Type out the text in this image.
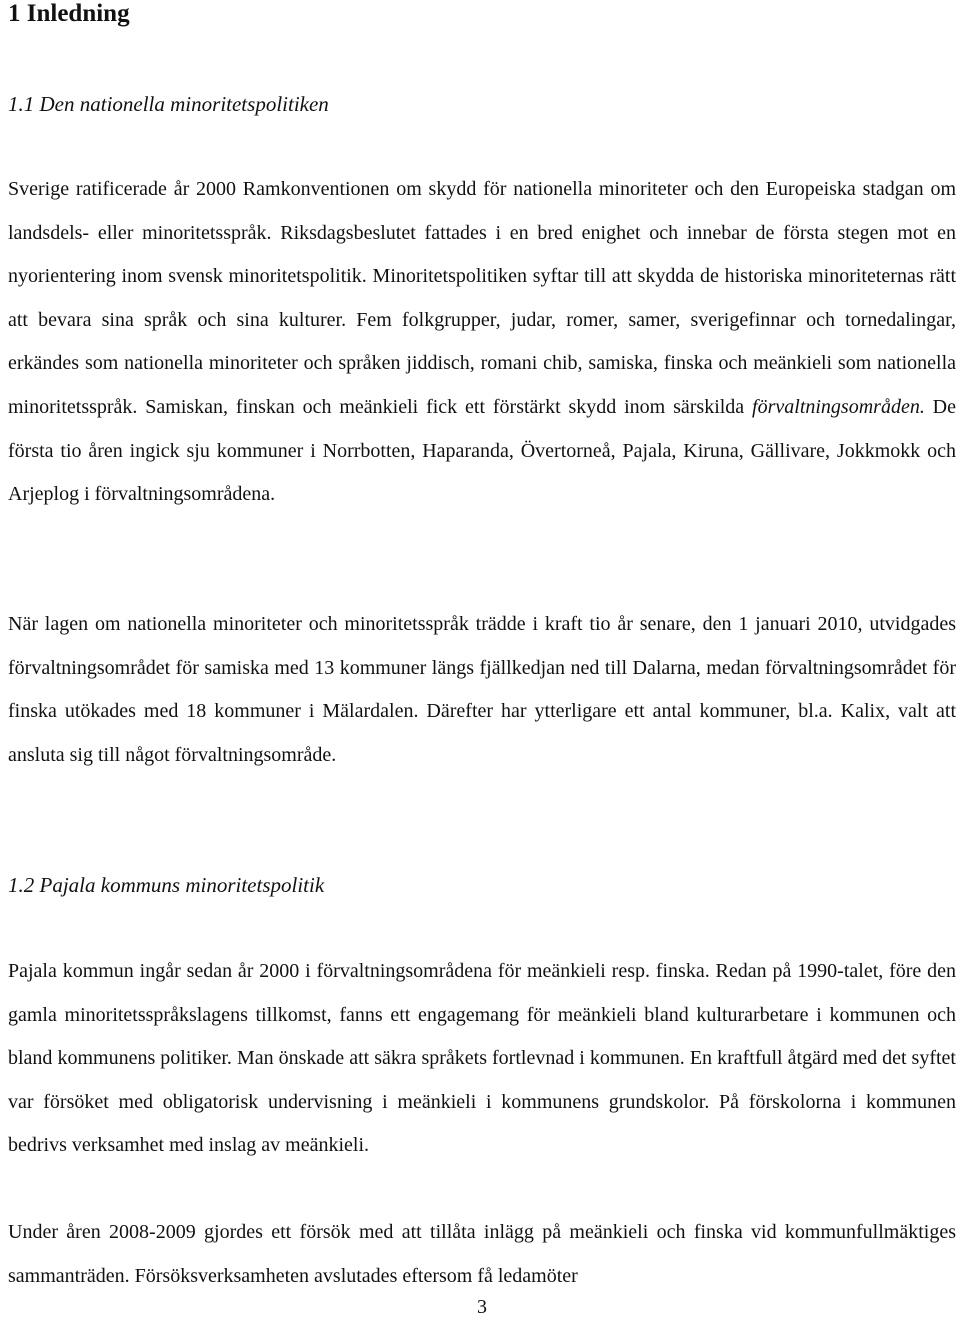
1 Inledning
1.1 Den nationella minoritetspolitiken

Sverige ratificerade år 2000 Ramkonventionen om skydd för nationella minoriteter och den Europeiska stadgan om landsdels- eller minoritetsspråk. Riksdagsbeslutet fattades i en bred enighet och innebar de första stegen mot en nyorientering inom svensk minoritetspolitik. Minoritetspolitiken syftar till att skydda de historiska minoriteternas rätt att bevara sina språk och sina kulturer. Fem folkgrupper, judar, romer, samer, sverigefinnar och tornedalingar, erkändes som nationella minoriteter och språken jiddisch, romani chib, samiska, finska och meänkieli som nationella minoritetsspråk. Samiskan, finskan och meänkieli fick ett förstärkt skydd inom särskilda förvaltningsområden. De första tio åren ingick sju kommuner i Norrbotten, Haparanda, Övertorneå, Pajala, Kiruna, Gällivare, Jokkmokk och Arjeplog i förvaltningsområdena.

När lagen om nationella minoriteter och minoritetsspråk trädde i kraft tio år senare, den 1 januari 2010, utvidgades förvaltningsområdet för samiska med 13 kommuner längs fjällkedjan ned till Dalarna, medan förvaltningsområdet för finska utökades med 18 kommuner i Mälardalen. Därefter har ytterligare ett antal kommuner, bl.a. Kalix, valt att ansluta sig till något förvaltningsområde.

1.2 Pajala kommuns minoritetspolitik

Pajala kommun ingår sedan år 2000 i förvaltningsområdena för meänkieli resp. finska. Redan på 1990-talet, före den gamla minoritetsspråkslagens tillkomst, fanns ett engagemang för meänkieli bland kulturarbetare i kommunen och bland kommunens politiker. Man önskade att säkra språkets fortlevnad i kommunen. En kraftfull åtgärd med det syftet var försöket med obligatorisk undervisning i meänkieli i kommunens grundskolor. På förskolorna i kommunen bedrivs verksamhet med inslag av meänkieli.

Under åren 2008-2009 gjordes ett försök med att tillåta inlägg på meänkieli och finska vid kommunfullmäktiges sammanträden. Försöksverksamheten avslutades eftersom få ledamöter

3
